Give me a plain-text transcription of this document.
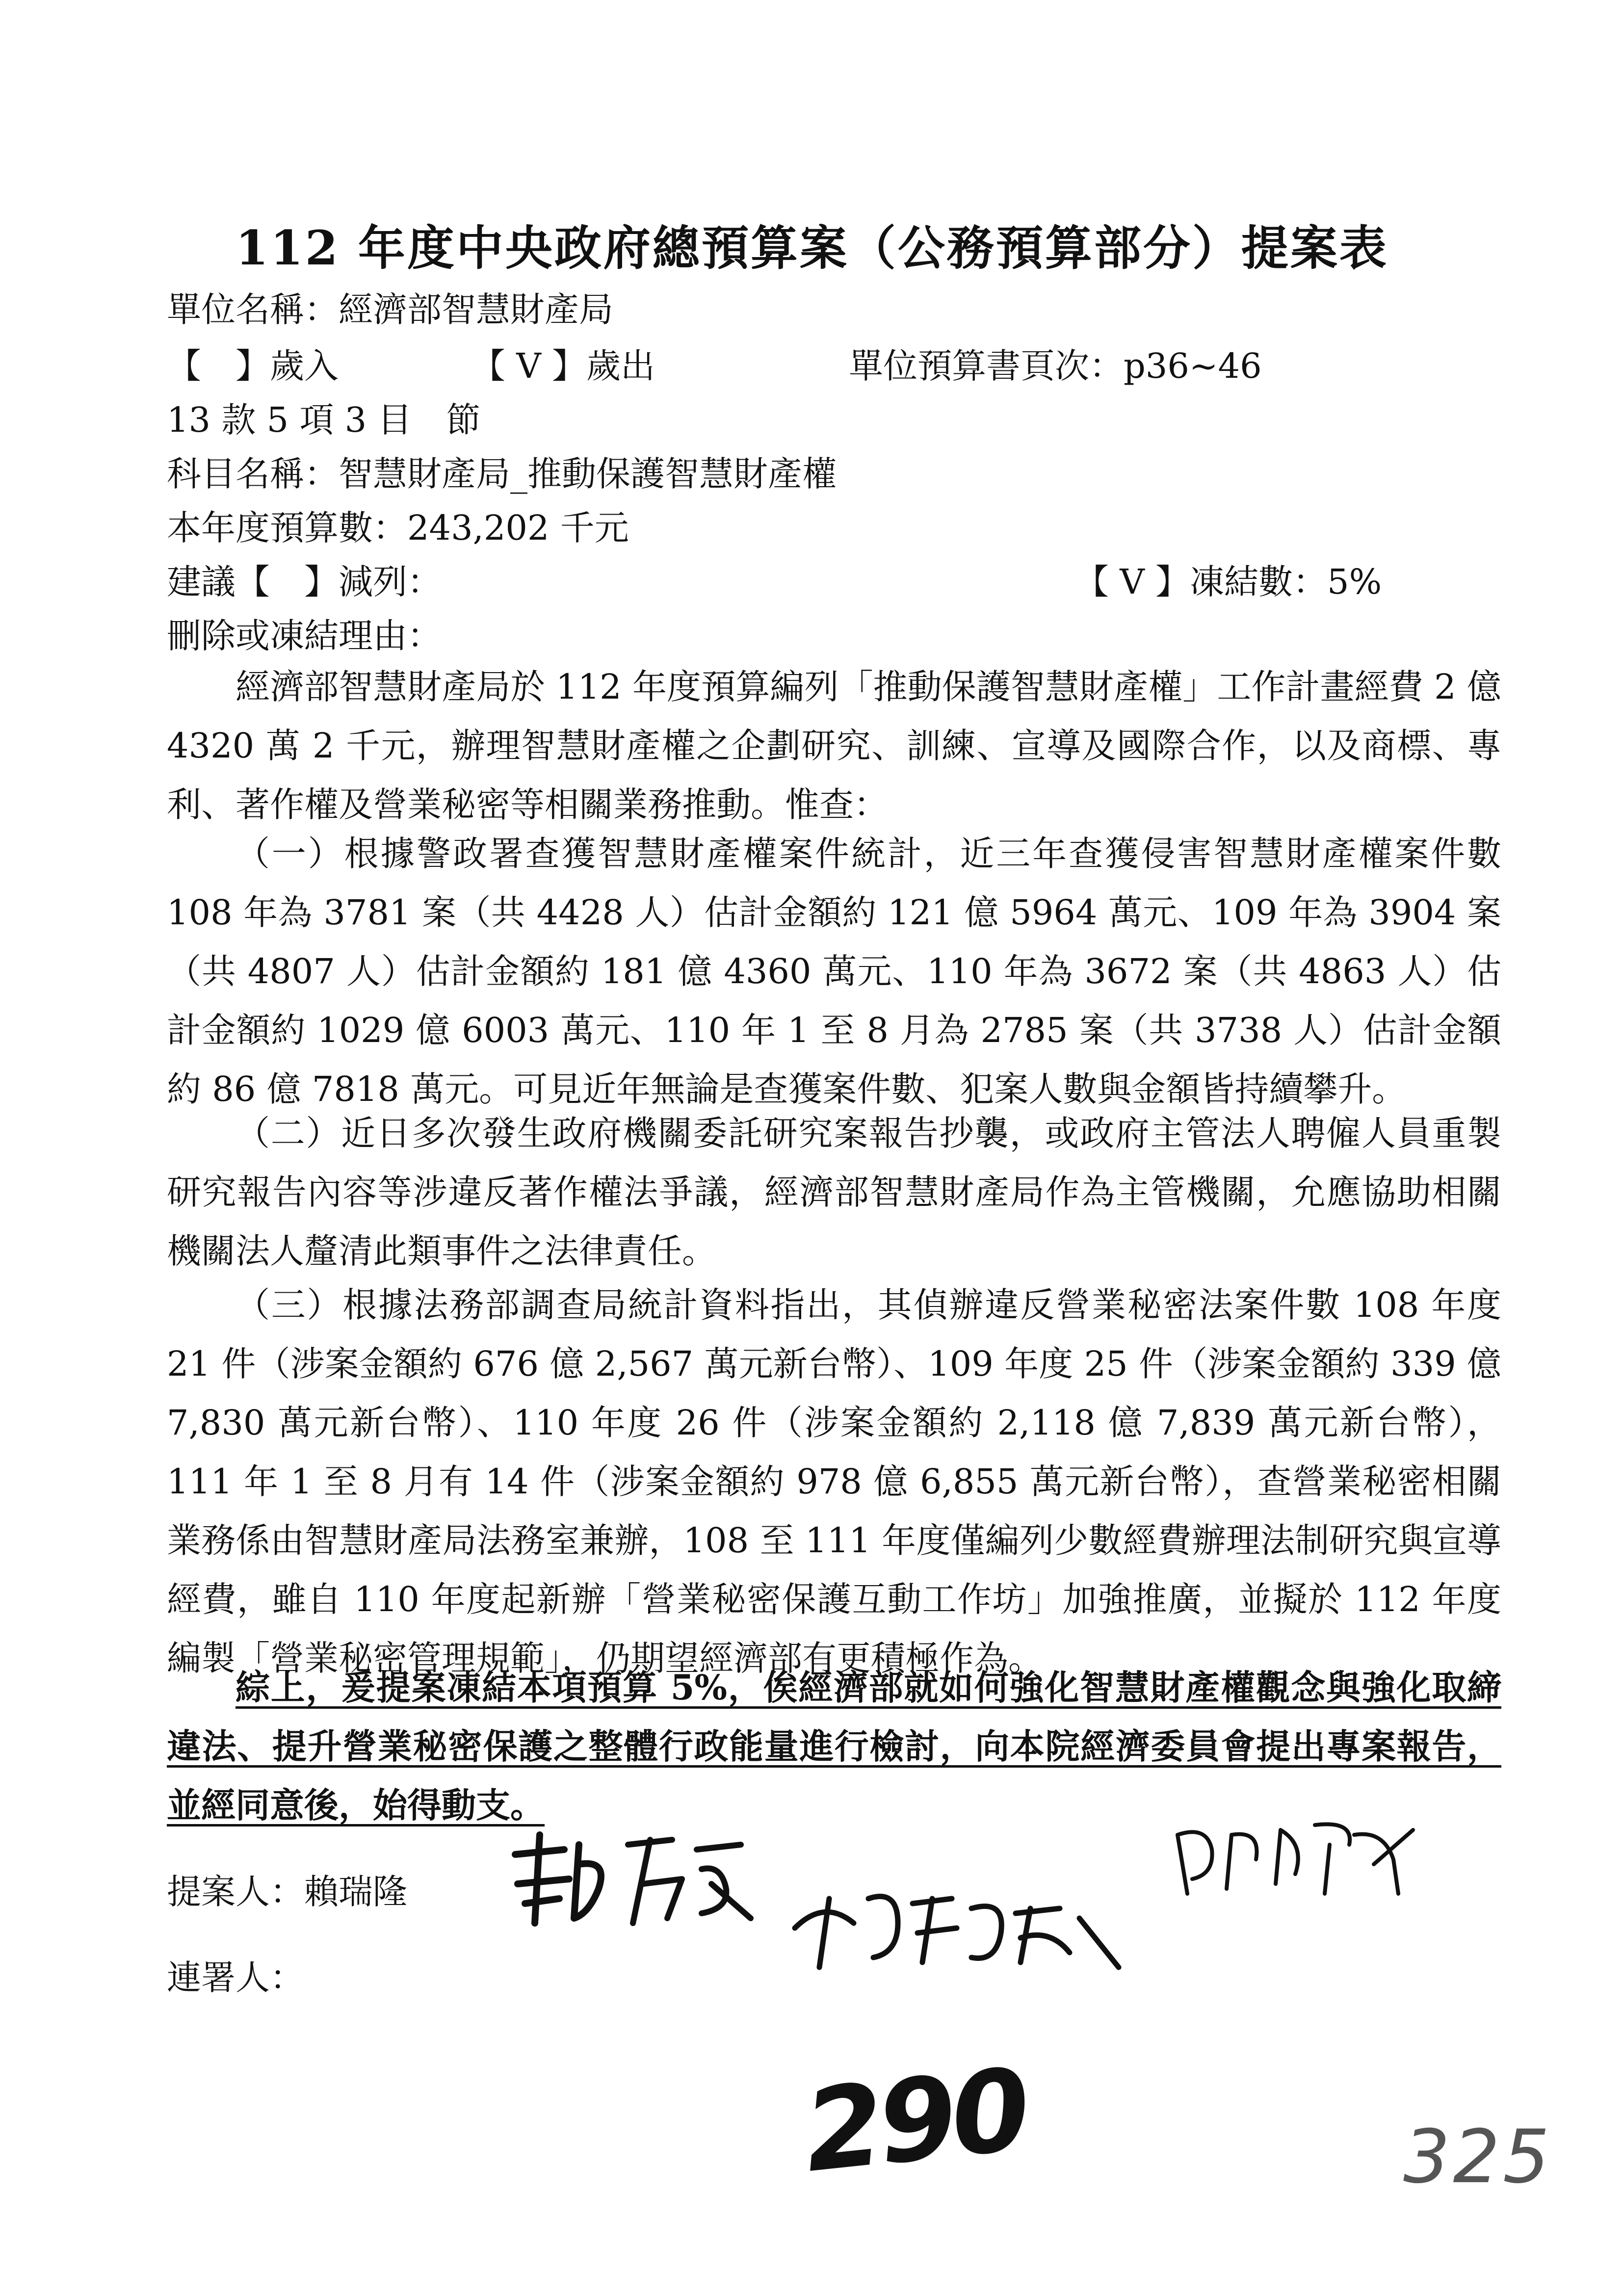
112 年度中央政府總預算案（公務預算部分）提案表
單位名稱：經濟部智慧財產局
【　】歲入	【 V 】歲出	單位預算書頁次：p36~46
13 款 5 項 3 目　節
科目名稱：智慧財產局_推動保護智慧財產權
本年度預算數：243,202 千元
建議【　】減列：	【 V 】凍結數：5%
刪除或凍結理由：
經濟部智慧財產局於 112 年度預算編列「推動保護智慧財產權」工作計畫經費 2 億 4320 萬 2 千元，辦理智慧財產權之企劃研究、訓練、宣導及國際合作，以及商標、專利、著作權及營業秘密等相關業務推動。惟查：
（一）根據警政署查獲智慧財產權案件統計，近三年查獲侵害智慧財產權案件數 108 年為 3781 案（共 4428 人）估計金額約 121 億 5964 萬元、109 年為 3904 案（共 4807 人）估計金額約 181 億 4360 萬元、110 年為 3672 案（共 4863 人）估計金額約 1029 億 6003 萬元、110 年 1 至 8 月為 2785 案（共 3738 人）估計金額約 86 億 7818 萬元。可見近年無論是查獲案件數、犯案人數與金額皆持續攀升。
（二）近日多次發生政府機關委託研究案報告抄襲，或政府主管法人聘僱人員重製研究報告內容等涉違反著作權法爭議，經濟部智慧財產局作為主管機關，允應協助相關機關法人釐清此類事件之法律責任。
（三）根據法務部調查局統計資料指出，其偵辦違反營業秘密法案件數 108 年度 21 件（涉案金額約 676 億 2,567 萬元新台幣）、109 年度 25 件（涉案金額約 339 億 7,830 萬元新台幣）、110 年度 26 件（涉案金額約 2,118 億 7,839 萬元新台幣），111 年 1 至 8 月有 14 件（涉案金額約 978 億 6,855 萬元新台幣），查營業秘密相關業務係由智慧財產局法務室兼辦，108 至 111 年度僅編列少數經費辦理法制研究與宣導經費，雖自 110 年度起新辦「營業秘密保護互動工作坊」加強推廣，並擬於 112 年度編製「營業秘密管理規範」，仍期望經濟部有更積極作為。
綜上，爰提案凍結本項預算 5%，俟經濟部就如何強化智慧財產權觀念與強化取締違法、提升營業秘密保護之整體行政能量進行檢討，向本院經濟委員會提出專案報告，並經同意後，始得動支。
提案人：賴瑞隆
連署人：
290	325
